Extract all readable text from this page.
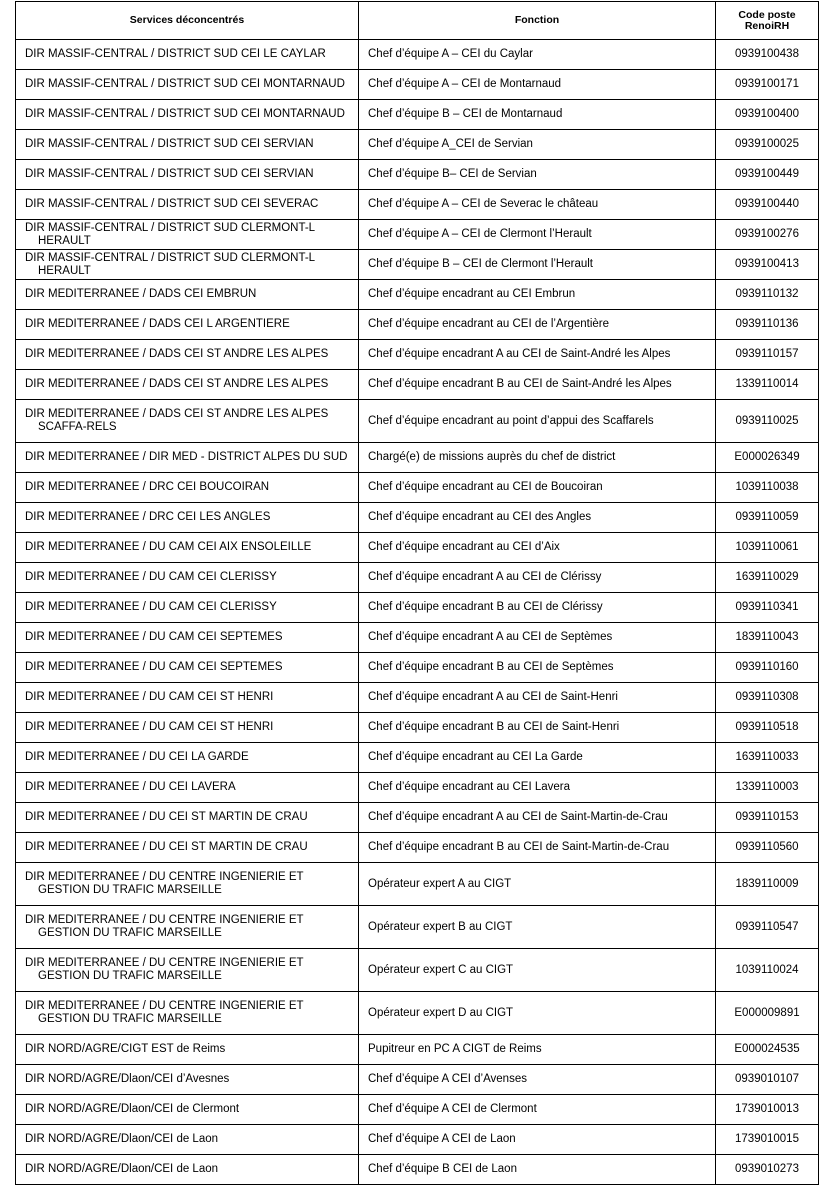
Services déconcentrés	Fonction	Code poste RenoiRH

DIR MASSIF-CENTRAL / DISTRICT SUD CEI LE CAYLAR	Chef d’équipe A – CEI du Caylar	0939100438

DIR MASSIF-CENTRAL / DISTRICT SUD CEI MONTARNAUD	Chef d’équipe A – CEI de Montarnaud	0939100171

DIR MASSIF-CENTRAL / DISTRICT SUD CEI MONTARNAUD	Chef d’équipe B – CEI de Montarnaud	0939100400

DIR MASSIF-CENTRAL / DISTRICT SUD CEI SERVIAN	Chef d’équipe A_CEI de Servian	0939100025

DIR MASSIF-CENTRAL / DISTRICT SUD CEI SERVIAN	Chef d’équipe B– CEI de Servian	0939100449

DIR MASSIF-CENTRAL / DISTRICT SUD CEI SEVERAC	Chef d’équipe A – CEI de Severac le château	0939100440

DIR MASSIF-CENTRAL / DISTRICT SUD CLERMONT-L HERAULT	Chef d’équipe A – CEI de Clermont l’Herault	0939100276

DIR MASSIF-CENTRAL / DISTRICT SUD CLERMONT-L HERAULT	Chef d’équipe B – CEI de Clermont l’Herault	0939100413

DIR MEDITERRANEE / DADS CEI EMBRUN	Chef d’équipe encadrant au CEI Embrun	0939110132

DIR MEDITERRANEE / DADS CEI L ARGENTIERE	Chef d’équipe encadrant au CEI de l’Argentière	0939110136

DIR MEDITERRANEE / DADS CEI ST ANDRE LES ALPES	Chef d’équipe encadrant A au CEI de Saint-André les Alpes	0939110157

DIR MEDITERRANEE / DADS CEI ST ANDRE LES ALPES	Chef d’équipe encadrant B au CEI de Saint-André les Alpes	1339110014

DIR MEDITERRANEE / DADS CEI ST ANDRE LES ALPES SCAFFA-RELS	Chef d’équipe encadrant au point d’appui des Scaffarels	0939110025

DIR MEDITERRANEE / DIR MED - DISTRICT ALPES DU SUD	Chargé(e) de missions auprès du chef de district	E000026349

DIR MEDITERRANEE / DRC CEI BOUCOIRAN	Chef d’équipe encadrant au CEI de Boucoiran	1039110038

DIR MEDITERRANEE / DRC CEI LES ANGLES	Chef d’équipe encadrant au CEI des Angles	0939110059

DIR MEDITERRANEE / DU CAM CEI AIX ENSOLEILLE	Chef d’équipe encadrant au CEI d’Aix	1039110061

DIR MEDITERRANEE / DU CAM CEI CLERISSY	Chef d’équipe encadrant A au CEI de Clérissy	1639110029

DIR MEDITERRANEE / DU CAM CEI CLERISSY	Chef d’équipe encadrant B au CEI de Clérissy	0939110341

DIR MEDITERRANEE / DU CAM CEI SEPTEMES	Chef d’équipe encadrant A au CEI de Septèmes	1839110043

DIR MEDITERRANEE / DU CAM CEI SEPTEMES	Chef d’équipe encadrant B au CEI de Septèmes	0939110160

DIR MEDITERRANEE / DU CAM CEI ST HENRI	Chef d’équipe encadrant A au CEI de Saint-Henri	0939110308

DIR MEDITERRANEE / DU CAM CEI ST HENRI	Chef d’équipe encadrant B au CEI de Saint-Henri	0939110518

DIR MEDITERRANEE / DU CEI LA GARDE	Chef d’équipe encadrant au CEI La Garde	1639110033

DIR MEDITERRANEE / DU CEI LAVERA	Chef d’équipe encadrant au CEI Lavera	1339110003

DIR MEDITERRANEE / DU CEI ST MARTIN DE CRAU	Chef d’équipe encadrant A au CEI de Saint-Martin-de-Crau	0939110153

DIR MEDITERRANEE / DU CEI ST MARTIN DE CRAU	Chef d’équipe encadrant B au CEI de Saint-Martin-de-Crau	0939110560

DIR MEDITERRANEE / DU CENTRE INGENIERIE ET GESTION DU TRAFIC MARSEILLE	Opérateur expert A au CIGT	1839110009

DIR MEDITERRANEE / DU CENTRE INGENIERIE ET GESTION DU TRAFIC MARSEILLE	Opérateur expert B au CIGT	0939110547

DIR MEDITERRANEE / DU CENTRE INGENIERIE ET GESTION DU TRAFIC MARSEILLE	Opérateur expert C au CIGT	1039110024

DIR MEDITERRANEE / DU CENTRE INGENIERIE ET GESTION DU TRAFIC MARSEILLE	Opérateur expert D au CIGT	E000009891

DIR NORD/AGRE/CIGT EST de Reims	Pupitreur en PC A CIGT de Reims	E000024535

DIR NORD/AGRE/Dlaon/CEI d’Avesnes	Chef d’équipe A CEI d’Avenses	0939010107

DIR NORD/AGRE/Dlaon/CEI de Clermont	Chef d’équipe A CEI de Clermont	1739010013

DIR NORD/AGRE/Dlaon/CEI de Laon	Chef d’équipe A CEI de Laon	1739010015

DIR NORD/AGRE/Dlaon/CEI de Laon	Chef d’équipe B CEI de Laon	0939010273
